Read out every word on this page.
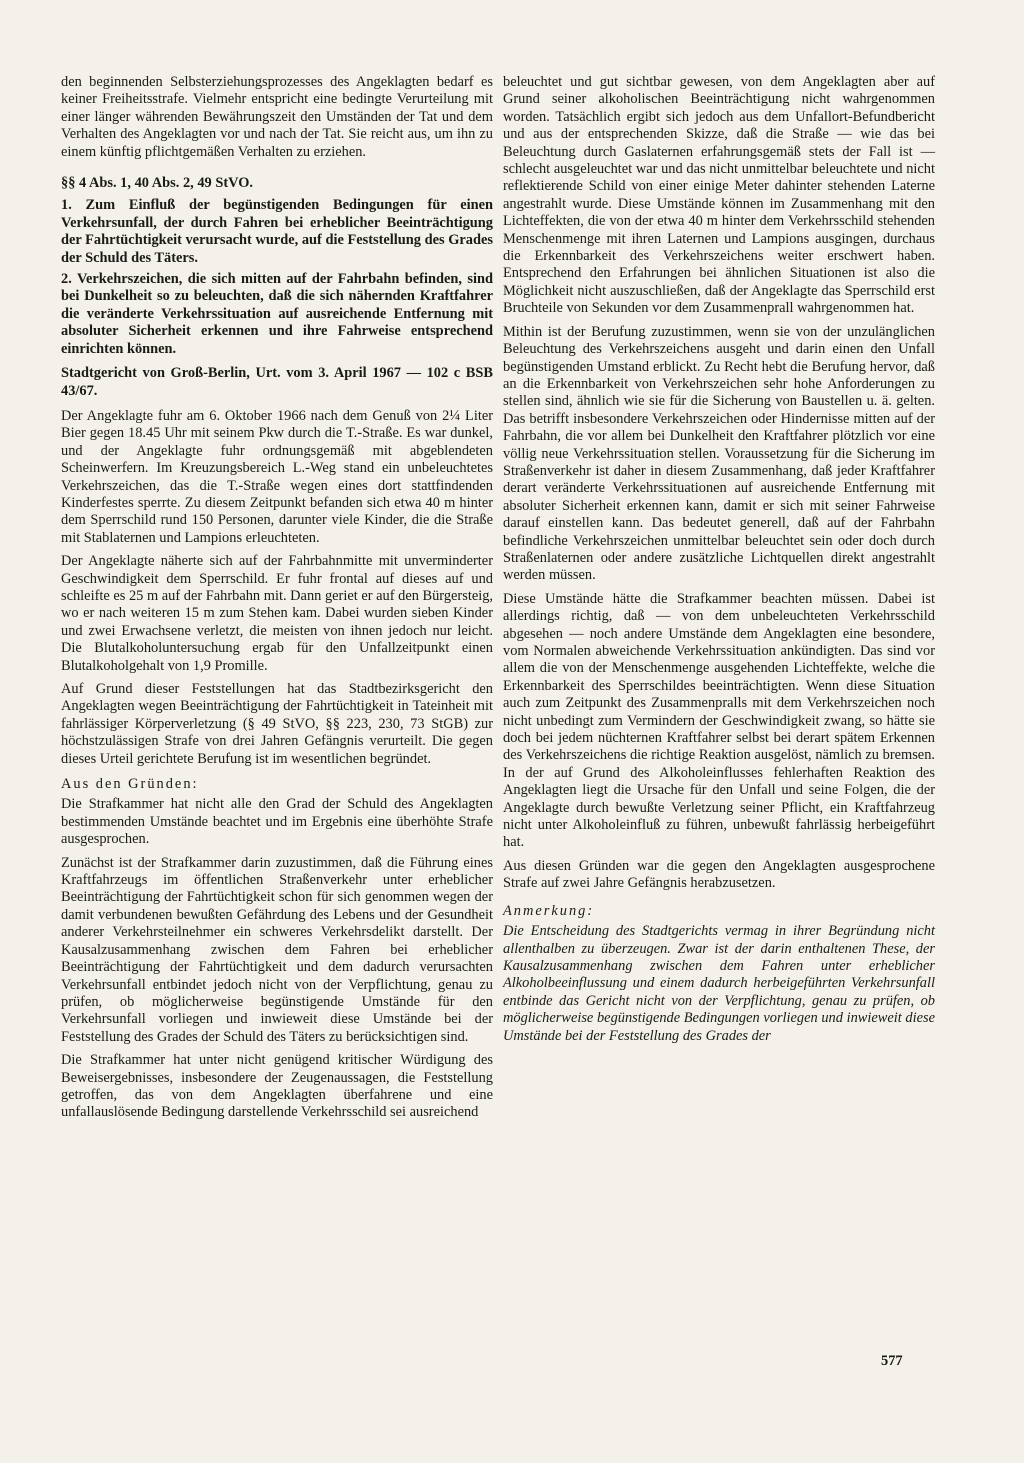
den beginnenden Selbsterziehungsprozesses des Angeklagten bedarf es keiner Freiheitsstrafe. Vielmehr entspricht eine bedingte Verurteilung mit einer länger währenden Bewährungszeit den Umständen der Tat und dem Verhalten des Angeklagten vor und nach der Tat. Sie reicht aus, um ihn zu einem künftig pflichtgemäßen Verhalten zu erziehen.

§§ 4 Abs. 1, 40 Abs. 2, 49 StVO.

1. Zum Einfluß der begünstigenden Bedingungen für einen Verkehrsunfall, der durch Fahren bei erheblicher Beeinträchtigung der Fahrtüchtigkeit verursacht wurde, auf die Feststellung des Grades der Schuld des Täters.

2. Verkehrszeichen, die sich mitten auf der Fahrbahn befinden, sind bei Dunkelheit so zu beleuchten, daß die sich nähernden Kraftfahrer die veränderte Verkehrssituation auf ausreichende Entfernung mit absoluter Sicherheit erkennen und ihre Fahrweise entsprechend einrichten können.

Stadtgericht von Groß-Berlin, Urt. vom 3. April 1967 — 102 c BSB 43/67.

Der Angeklagte fuhr am 6. Oktober 1966 nach dem Genuß von 2¼ Liter Bier gegen 18.45 Uhr mit seinem Pkw durch die T.-Straße. Es war dunkel, und der Angeklagte fuhr ordnungsgemäß mit abgeblendeten Scheinwerfern. Im Kreuzungsbereich L.-Weg stand ein unbeleuchtetes Verkehrszeichen, das die T.-Straße wegen eines dort stattfindenden Kinderfestes sperrte. Zu diesem Zeitpunkt befanden sich etwa 40 m hinter dem Sperrschild rund 150 Personen, darunter viele Kinder, die die Straße mit Stablaternen und Lampions erleuchteten.

Der Angeklagte näherte sich auf der Fahrbahnmitte mit unverminderter Geschwindigkeit dem Sperrschild. Er fuhr frontal auf dieses auf und schleifte es 25 m auf der Fahrbahn mit. Dann geriet er auf den Bürgersteig, wo er nach weiteren 15 m zum Stehen kam. Dabei wurden sieben Kinder und zwei Erwachsene verletzt, die meisten von ihnen jedoch nur leicht. Die Blutalkoholuntersuchung ergab für den Unfallzeitpunkt einen Blutalkoholgehalt von 1,9 Promille.

Auf Grund dieser Feststellungen hat das Stadtbezirksgericht den Angeklagten wegen Beeinträchtigung der Fahrtüchtigkeit in Tateinheit mit fahrlässiger Körperverletzung (§ 49 StVO, §§ 223, 230, 73 StGB) zur höchstzulässigen Strafe von drei Jahren Gefängnis verurteilt. Die gegen dieses Urteil gerichtete Berufung ist im wesentlichen begründet.

Aus den Gründen:

Die Strafkammer hat nicht alle den Grad der Schuld des Angeklagten bestimmenden Umstände beachtet und im Ergebnis eine überhöhte Strafe ausgesprochen.

Zunächst ist der Strafkammer darin zuzustimmen, daß die Führung eines Kraftfahrzeugs im öffentlichen Straßenverkehr unter erheblicher Beeinträchtigung der Fahrtüchtigkeit schon für sich genommen wegen der damit verbundenen bewußten Gefährdung des Lebens und der Gesundheit anderer Verkehrsteilnehmer ein schweres Verkehrsdelikt darstellt. Der Kausalzusammenhang zwischen dem Fahren bei erheblicher Beeinträchtigung der Fahrtüchtigkeit und dem dadurch verursachten Verkehrsunfall entbindet jedoch nicht von der Verpflichtung, genau zu prüfen, ob möglicherweise begünstigende Umstände für den Verkehrsunfall vorliegen und inwieweit diese Umstände bei der Feststellung des Grades der Schuld des Täters zu berücksichtigen sind.

Die Strafkammer hat unter nicht genügend kritischer Würdigung des Beweisergebnisses, insbesondere der Zeugenaussagen, die Feststellung getroffen, das von dem Angeklagten überfahrene und eine unfallauslösende Bedingung darstellende Verkehrsschild sei ausreichend

beleuchtet und gut sichtbar gewesen, von dem Angeklagten aber auf Grund seiner alkoholischen Beeinträchtigung nicht wahrgenommen worden. Tatsächlich ergibt sich jedoch aus dem Unfallort-Befundbericht und aus der entsprechenden Skizze, daß die Straße — wie das bei Beleuchtung durch Gaslaternen erfahrungsgemäß stets der Fall ist — schlecht ausgeleuchtet war und das nicht unmittelbar beleuchtete und nicht reflektierende Schild von einer einige Meter dahinter stehenden Laterne angestrahlt wurde. Diese Umstände können im Zusammenhang mit den Lichteffekten, die von der etwa 40 m hinter dem Verkehrsschild stehenden Menschenmenge mit ihren Laternen und Lampions ausgingen, durchaus die Erkennbarkeit des Verkehrszeichens weiter erschwert haben. Entsprechend den Erfahrungen bei ähnlichen Situationen ist also die Möglichkeit nicht auszuschließen, daß der Angeklagte das Sperrschild erst Bruchteile von Sekunden vor dem Zusammenprall wahrgenommen hat.

Mithin ist der Berufung zuzustimmen, wenn sie von der unzulänglichen Beleuchtung des Verkehrszeichens ausgeht und darin einen den Unfall begünstigenden Umstand erblickt. Zu Recht hebt die Berufung hervor, daß an die Erkennbarkeit von Verkehrszeichen sehr hohe Anforderungen zu stellen sind, ähnlich wie sie für die Sicherung von Baustellen u. ä. gelten. Das betrifft insbesondere Verkehrszeichen oder Hindernisse mitten auf der Fahrbahn, die vor allem bei Dunkelheit den Kraftfahrer plötzlich vor eine völlig neue Verkehrssituation stellen. Voraussetzung für die Sicherung im Straßenverkehr ist daher in diesem Zusammenhang, daß jeder Kraftfahrer derart veränderte Verkehrssituationen auf ausreichende Entfernung mit absoluter Sicherheit erkennen kann, damit er sich mit seiner Fahrweise darauf einstellen kann. Das bedeutet generell, daß auf der Fahrbahn befindliche Verkehrszeichen unmittelbar beleuchtet sein oder doch durch Straßenlaternen oder andere zusätzliche Lichtquellen direkt angestrahlt werden müssen.

Diese Umstände hätte die Strafkammer beachten müssen. Dabei ist allerdings richtig, daß — von dem unbeleuchteten Verkehrsschild abgesehen — noch andere Umstände dem Angeklagten eine besondere, vom Normalen abweichende Verkehrssituation ankündigten. Das sind vor allem die von der Menschenmenge ausgehenden Lichteffekte, welche die Erkennbarkeit des Sperrschildes beeinträchtigten. Wenn diese Situation auch zum Zeitpunkt des Zusammenpralls mit dem Verkehrszeichen noch nicht unbedingt zum Vermindern der Geschwindigkeit zwang, so hätte sie doch bei jedem nüchternen Kraftfahrer selbst bei derart spätem Erkennen des Verkehrszeichens die richtige Reaktion ausgelöst, nämlich zu bremsen. In der auf Grund des Alkoholeinflusses fehlerhaften Reaktion des Angeklagten liegt die Ursache für den Unfall und seine Folgen, die der Angeklagte durch bewußte Verletzung seiner Pflicht, ein Kraftfahrzeug nicht unter Alkoholeinfluß zu führen, unbewußt fahrlässig herbeigeführt hat.

Aus diesen Gründen war die gegen den Angeklagten ausgesprochene Strafe auf zwei Jahre Gefängnis herabzusetzen.

Anmerkung:

Die Entscheidung des Stadtgerichts vermag in ihrer Begründung nicht allenthalben zu überzeugen. Zwar ist der darin enthaltenen These, der Kausalzusammenhang zwischen dem Fahren unter erheblicher Alkoholbeeinflussung und einem dadurch herbeigeführten Verkehrsunfall entbinde das Gericht nicht von der Verpflichtung, genau zu prüfen, ob möglicherweise begünstigende Bedingungen vorliegen und inwieweit diese Umstände bei der Feststellung des Grades der

577
